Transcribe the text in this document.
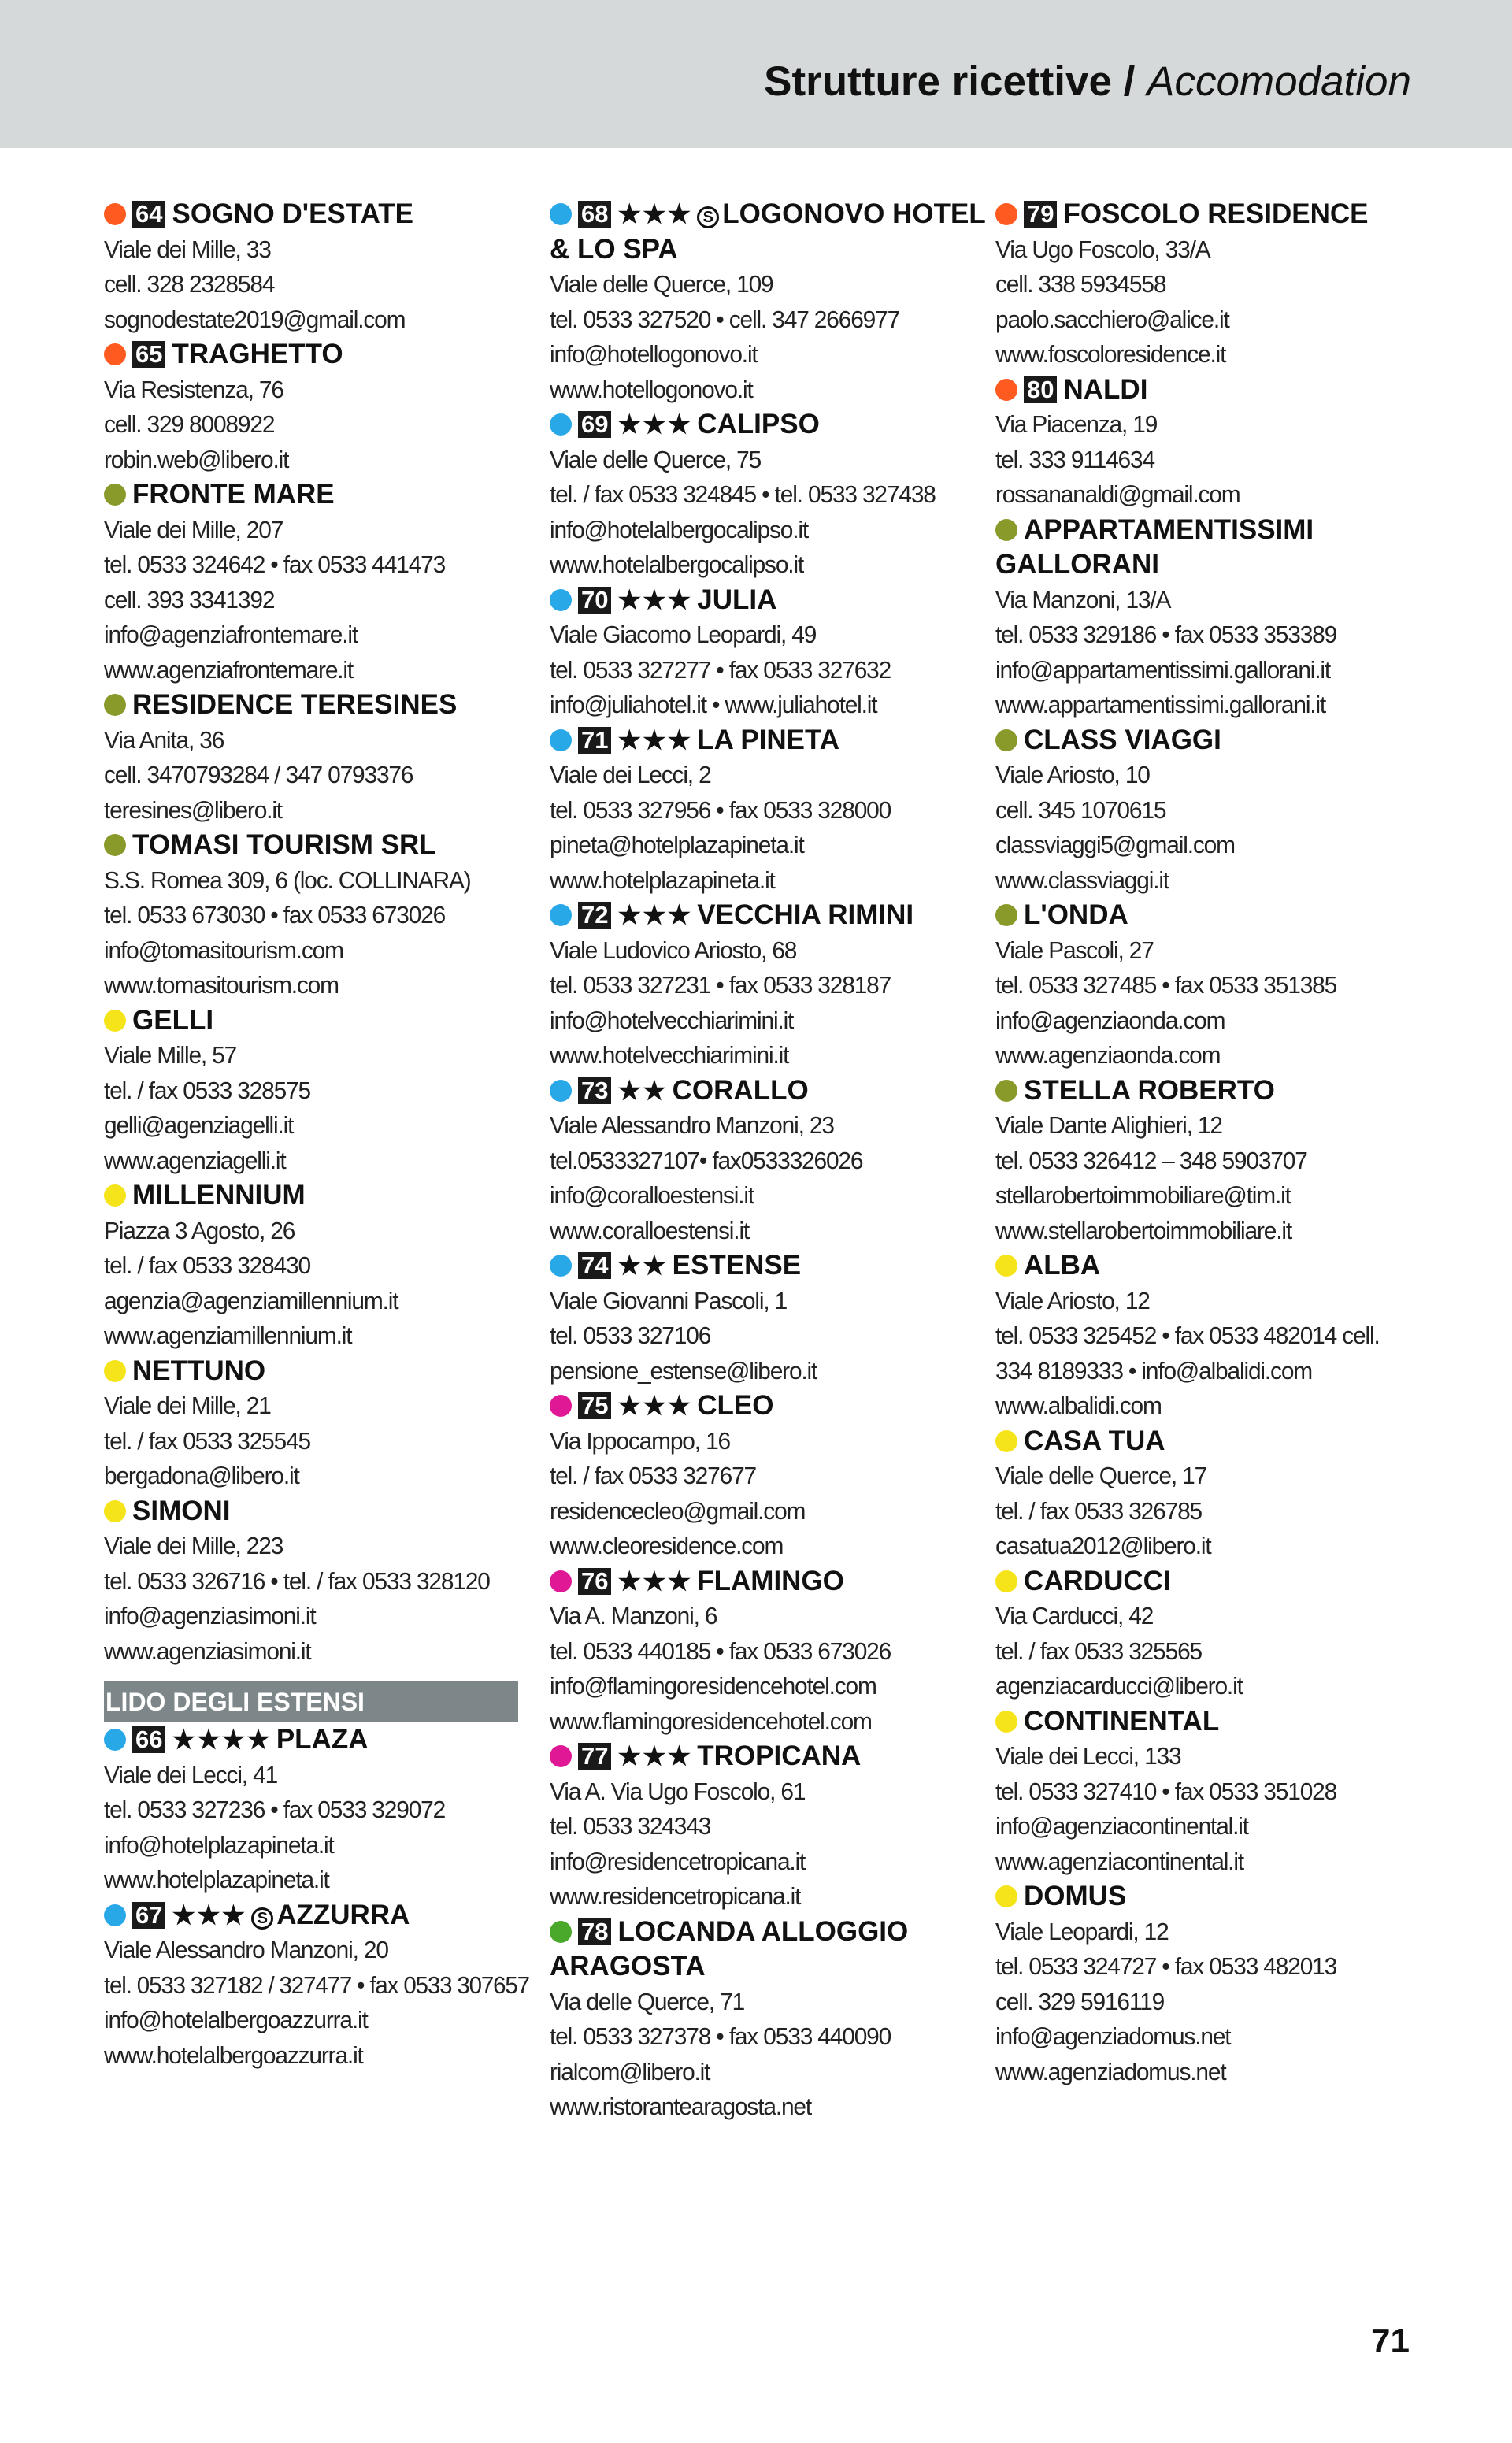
Strutture ricettive / Accomodation
64 SOGNO D'ESTATE
Viale dei Mille, 33
cell. 328 2328584
sognodestate2019@gmail.com
65 TRAGHETTO
Via Resistenza, 76
cell. 329 8008922
robin.web@libero.it
FRONTE MARE
Viale dei Mille, 207
tel. 0533 324642 • fax 0533 441473
cell. 393 3341392
info@agenziafrontemare.it
www.agenziafrontemare.it
RESIDENCE TERESINES
Via Anita, 36
cell. 3470793284 / 347 0793376
teresines@libero.it
TOMASI TOURISM SRL
S.S. Romea 309, 6 (loc. COLLINARA)
tel. 0533 673030 • fax 0533 673026
info@tomasitourism.com
www.tomasitourism.com
GELLI
Viale Mille, 57
tel. / fax 0533 328575
gelli@agenziagelli.it
www.agenziagelli.it
MILLENNIUM
Piazza 3 Agosto, 26
tel. / fax 0533 328430
agenzia@agenziamillennium.it
www.agenziamillennium.it
NETTUNO
Viale dei Mille, 21
tel. / fax 0533 325545
bergadona@libero.it
SIMONI
Viale dei Mille, 223
tel. 0533 326716 • tel. / fax 0533 328120
info@agenziasimoni.it
www.agenziasimoni.it
LIDO DEGLI ESTENSI
66 ★★★★ PLAZA
Viale dei Lecci, 41
tel. 0533 327236 • fax 0533 329072
info@hotelplazapineta.it
www.hotelplazapineta.it
67 ★★★ S AZZURRA
Viale Alessandro Manzoni, 20
tel. 0533 327182 / 327477 • fax 0533 307657
info@hotelalbergoazzurra.it
www.hotelalbergoazzurra.it
68 ★★★ S LOGONOVO HOTEL & LO SPA
Viale delle Querce, 109
tel. 0533 327520 • cell. 347 2666977
info@hotellogonovo.it
www.hotellogonovo.it
69 ★★★ CALIPSO
Viale delle Querce, 75
tel. / fax 0533 324845 • tel. 0533 327438
info@hotelalbergocalipso.it
www.hotelalbergocalipso.it
70 ★★★ JULIA
Viale Giacomo Leopardi, 49
tel. 0533 327277 • fax 0533 327632
info@juliahotel.it • www.juliahotel.it
71 ★★★ LA PINETA
Viale dei Lecci, 2
tel. 0533 327956 • fax 0533 328000
pineta@hotelplazapineta.it
www.hotelplazapineta.it
72 ★★★ VECCHIA RIMINI
Viale Ludovico Ariosto, 68
tel. 0533 327231 • fax 0533 328187
info@hotelvecchiarimini.it
www.hotelvecchiarimini.it
73 ★★ CORALLO
Viale Alessandro Manzoni, 23
tel.0533327107• fax0533326026
info@coralloestensi.it
www.coralloestensi.it
74 ★★ ESTENSE
Viale Giovanni Pascoli, 1
tel. 0533 327106
pensione_estense@libero.it
75 ★★★ CLEO
Via Ippocampo, 16
tel. / fax 0533 327677
residencecleo@gmail.com
www.cleoresidence.com
76 ★★★ FLAMINGO
Via A. Manzoni, 6
tel. 0533 440185 • fax 0533 673026
info@flamingoresidencehotel.com
www.flamingoresidencehotel.com
77 ★★★ TROPICANA
Via A. Via Ugo Foscolo, 61
tel. 0533 324343
info@residencetropicana.it
www.residencetropicana.it
78 LOCANDA ALLOGGIO ARAGOSTA
Via delle Querce, 71
tel. 0533 327378 • fax 0533 440090
rialcom@libero.it
www.ristorantearagosta.net
79 FOSCOLO RESIDENCE
Via Ugo Foscolo, 33/A
cell. 338 5934558
paolo.sacchiero@alice.it
www.foscoloresidence.it
80 NALDI
Via Piacenza, 19
tel. 333 9114634
rossananaldi@gmail.com
APPARTAMENTISSIMI GALLORANI
Via Manzoni, 13/A
tel. 0533 329186 • fax 0533 353389
info@appartamentissimi.gallorani.it
www.appartamentissimi.gallorani.it
CLASS VIAGGI
Viale Ariosto, 10
cell. 345 1070615
classviaggi5@gmail.com
www.classviaggi.it
L'ONDA
Viale Pascoli, 27
tel. 0533 327485 • fax 0533 351385
info@agenziaonda.com
www.agenziaonda.com
STELLA ROBERTO
Viale Dante Alighieri, 12
tel. 0533 326412 – 348 5903707
stellarobertoimmobiliare@tim.it
www.stellarobertoimmobiliare.it
ALBA
Viale Ariosto, 12
tel. 0533 325452 • fax 0533 482014 cell.
334 8189333 • info@albalidi.com
www.albalidi.com
CASA TUA
Viale delle Querce, 17
tel. / fax 0533 326785
casatua2012@libero.it
CARDUCCI
Via Carducci, 42
tel. / fax 0533 325565
agenziacarducci@libero.it
CONTINENTAL
Viale dei Lecci, 133
tel. 0533 327410 • fax 0533 351028
info@agenziacontinental.it
www.agenziacontinental.it
DOMUS
Viale Leopardi, 12
tel. 0533 324727 • fax 0533 482013
cell. 329 5916119
info@agenziadomus.net
www.agenziadomus.net
71
